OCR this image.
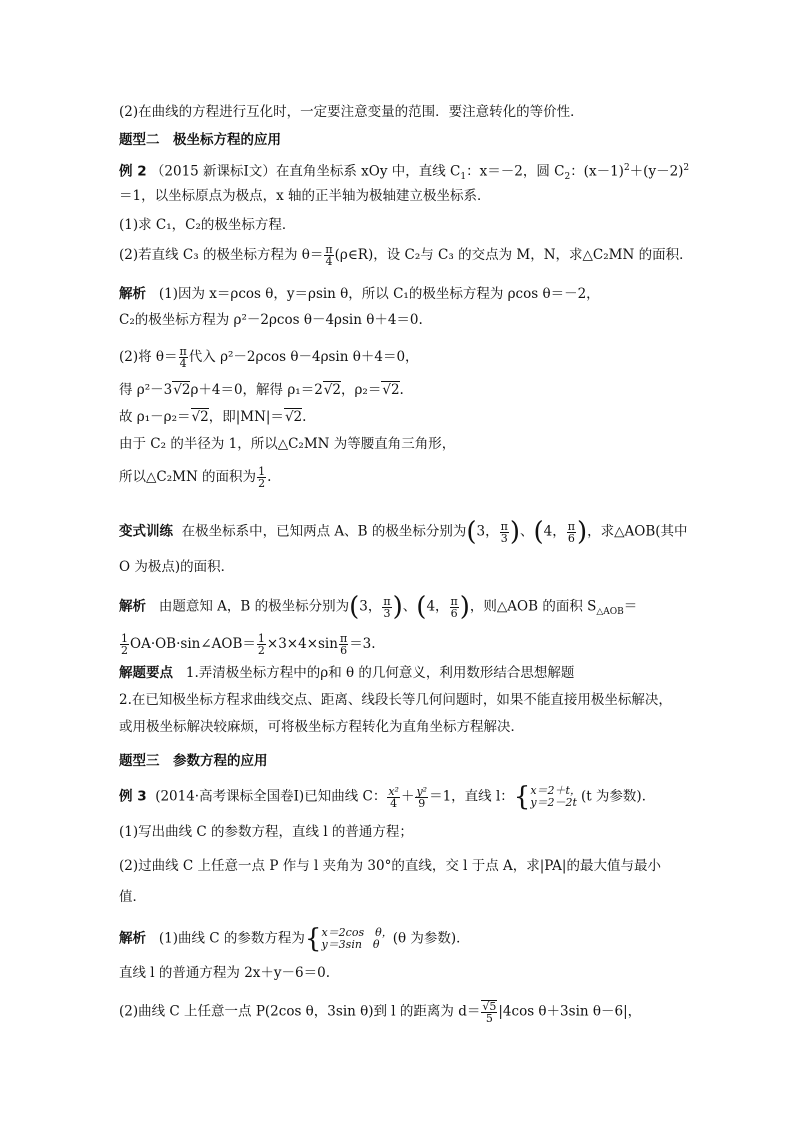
(2)在曲线的方程进行互化时，一定要注意变量的范围．要注意转化的等价性．
题型二　极坐标方程的应用
例 2 （2015 新课标Ⅰ文）在直角坐标系 xOy 中，直线 $C_1$：x＝－2，圆 $C_2$：$(x-1)^2+(y-2)^2$
＝1，以坐标原点为极点，x 轴的正半轴为极轴建立极坐标系．
(1)求 C₁，C₂的极坐标方程．
(2)若直线 C₃ 的极坐标方程为 $\theta= \frac{\pi}{4}$ (ρ∈R)，设 C₂与 C₃ 的交点为 M，N，求△C₂MN 的面积．
解析 (1)因为 x＝ρcos θ，y＝ρsin θ，所以 C₁的极坐标方程为 ρcos θ＝－2，
C₂的极坐标方程为 ρ²－2ρcos θ－4ρsin θ＋4＝0.
(2)将 $\theta= \frac{\pi}{4}$ 代入 ρ²－2ρcos θ－4ρsin θ＋4＝0，
得 ρ²－3√2ρ＋4＝0，解得 ρ₁＝2√2，ρ₂＝√2.
故 ρ₁－ρ₂＝√2，即|MN|＝√2.
由于 C₂ 的半径为 1，所以△C₂MN 为等腰直角三角形，
所以△C₂MN 的面积为 $\frac{1}{2}$ .
变式训练 在极坐标系中，已知两点 A、B 的极坐标分别为(3， $\frac{\pi}{3}$ )、(4， $\frac{\pi}{6}$ )，求△AOB(其中
O 为极点)的面积．
解析 由题意知 A，B 的极坐标分别为(3， $\frac{\pi}{3}$ )、(4， $\frac{\pi}{6}$ )，则△AOB 的面积 $S_{\triangle AOB}=$
$\frac{1}{2}$ OA·OB·sin∠AOB＝ $\frac{1}{2} \times 3\times 4\times\sin \frac{\pi}{6} =3$.
解题要点 1.弄清极坐标方程中的ρ和 θ 的几何意义，利用数形结合思想解题
2.在已知极坐标方程求曲线交点、距离、线段长等几何问题时，如果不能直接用极坐标解决，
或用极坐标解决较麻烦，可将极坐标方程转化为直角坐标方程解决．
题型三　参数方程的应用
例 3 (2014·高考课标全国卷Ⅰ)已知曲线 C： $\frac{\text{x²}}{4} + \frac{\text{y²}}{9} =1$，直线 l：{ x＝2＋t，
y＝2－2t (t 为参数)．
(1)写出曲线 C 的参数方程，直线 l 的普通方程；
(2)过曲线 C 上任意一点 P 作与 l 夹角为 30°的直线，交 l 于点 A，求|PA|的最大值与最小
值．
解析 (1)曲线 C 的参数方程为{ x＝2cos　θ，
y＝3sin　θ (θ 为参数)．
直线 l 的普通方程为 2x＋y－6＝0.
(2)曲线 C 上任意一点 P(2cos θ，3sin θ)到 l 的距离为 $d= \frac{√5}{5} |4\cos$ θ＋3sin θ－6|，
